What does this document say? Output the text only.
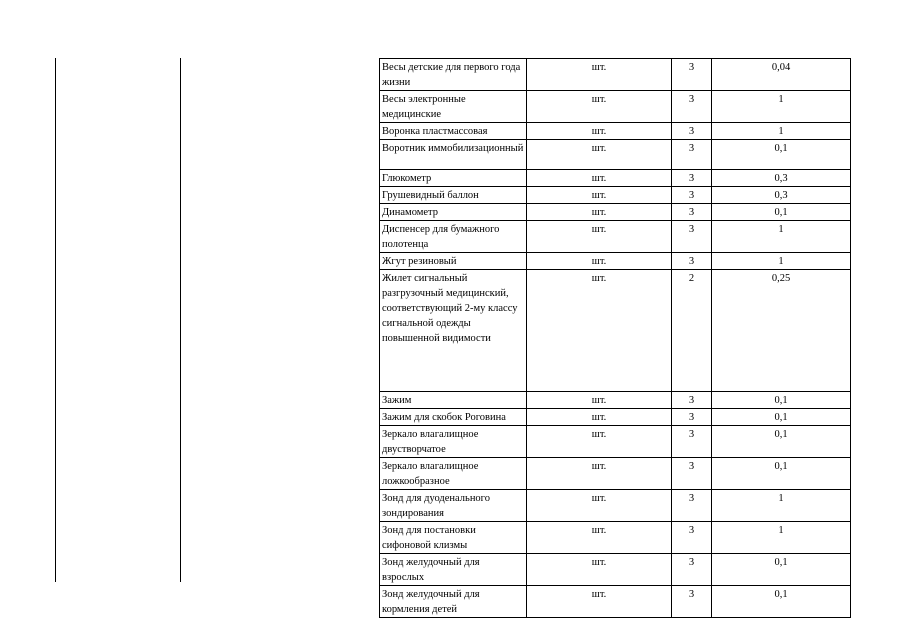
Весы детские для первого года жизни	шт.	3	0,04
Весы электронные медицинские	шт.	3	1
Воронка пластмассовая	шт.	3	1
Воротник иммобилизационный	шт.	3	0,1
Глюкометр	шт.	3	0,3
Грушевидный баллон	шт.	3	0,3
Динамометр	шт.	3	0,1
Диспенсер для бумажного полотенца	шт.	3	1
Жгут резиновый	шт.	3	1
Жилет сигнальный разгрузочный медицинский, соответствующий 2-му классу сигнальной одежды повышенной видимости	шт.	2	0,25
Зажим	шт.	3	0,1
Зажим для скобок Роговина	шт.	3	0,1
Зеркало влагалищное двустворчатое	шт.	3	0,1
Зеркало влагалищное ложкообразное	шт.	3	0,1
Зонд для дуоденального зондирования	шт.	3	1
Зонд для постановки сифоновой клизмы	шт.	3	1
Зонд желудочный для взрослых	шт.	3	0,1
Зонд желудочный для кормления детей	шт.	3	0,1
